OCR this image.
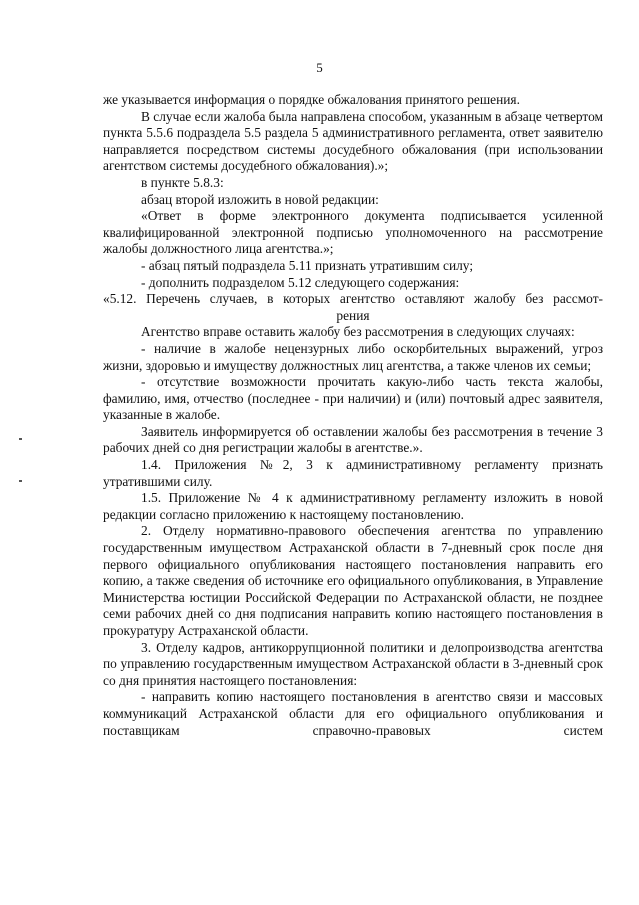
5

же указывается информация о порядке обжалования принятого решения.

В случае если жалоба была направлена способом, указанным в абзаце четвертом пункта 5.5.6 подраздела 5.5 раздела 5 административного регламента, ответ заявителю направляется посредством системы досудебного обжалования (при использовании агентством системы досудебного обжалования).»;

в пункте 5.8.3:

абзац второй изложить в новой редакции:

«Ответ в форме электронного документа подписывается усиленной квалифицированной электронной подписью уполномоченного на рассмотрение жалобы должностного лица агентства.»;

- абзац пятый подраздела 5.11 признать утратившим силу;

- дополнить подразделом 5.12 следующего содержания:

«5.12. Перечень случаев, в которых агентство оставляют жалобу без рассмот-

рения

Агентство вправе оставить жалобу без рассмотрения в следующих случаях:

- наличие в жалобе нецензурных либо оскорбительных выражений, угроз жизни, здоровью и имуществу должностных лиц агентства, а также членов их семьи;

- отсутствие возможности прочитать какую-либо часть текста жалобы, фамилию, имя, отчество (последнее - при наличии) и (или) почтовый адрес заявителя, указанные в жалобе.

Заявитель информируется об оставлении жалобы без рассмотрения в течение 3 рабочих дней со дня регистрации жалобы в агентстве.».

1.4. Приложения №2, 3 к административному регламенту признать утратившими силу.

1.5. Приложение № 4 к административному регламенту изложить в новой редакции согласно приложению к настоящему постановлению.

2. Отделу нормативно-правового обеспечения агентства по управлению государственным имуществом Астраханской области в 7-дневный срок после дня первого официального опубликования настоящего постановления направить его копию, а также сведения об источнике его официального опубликования, в Управление Министерства юстиции Российской Федерации по Астраханской области, не позднее семи рабочих дней со дня подписания направить копию настоящего постановления в прокуратуру Астраханской области.

3. Отделу кадров, антикоррупционной политики и делопроизводства агентства по управлению государственным имуществом Астраханской области в 3-дневный срок со дня принятия настоящего постановления:

- направить копию настоящего постановления в агентство связи и массовых коммуникаций Астраханской области для его официального опубликования и поставщикам справочно-правовых систем
